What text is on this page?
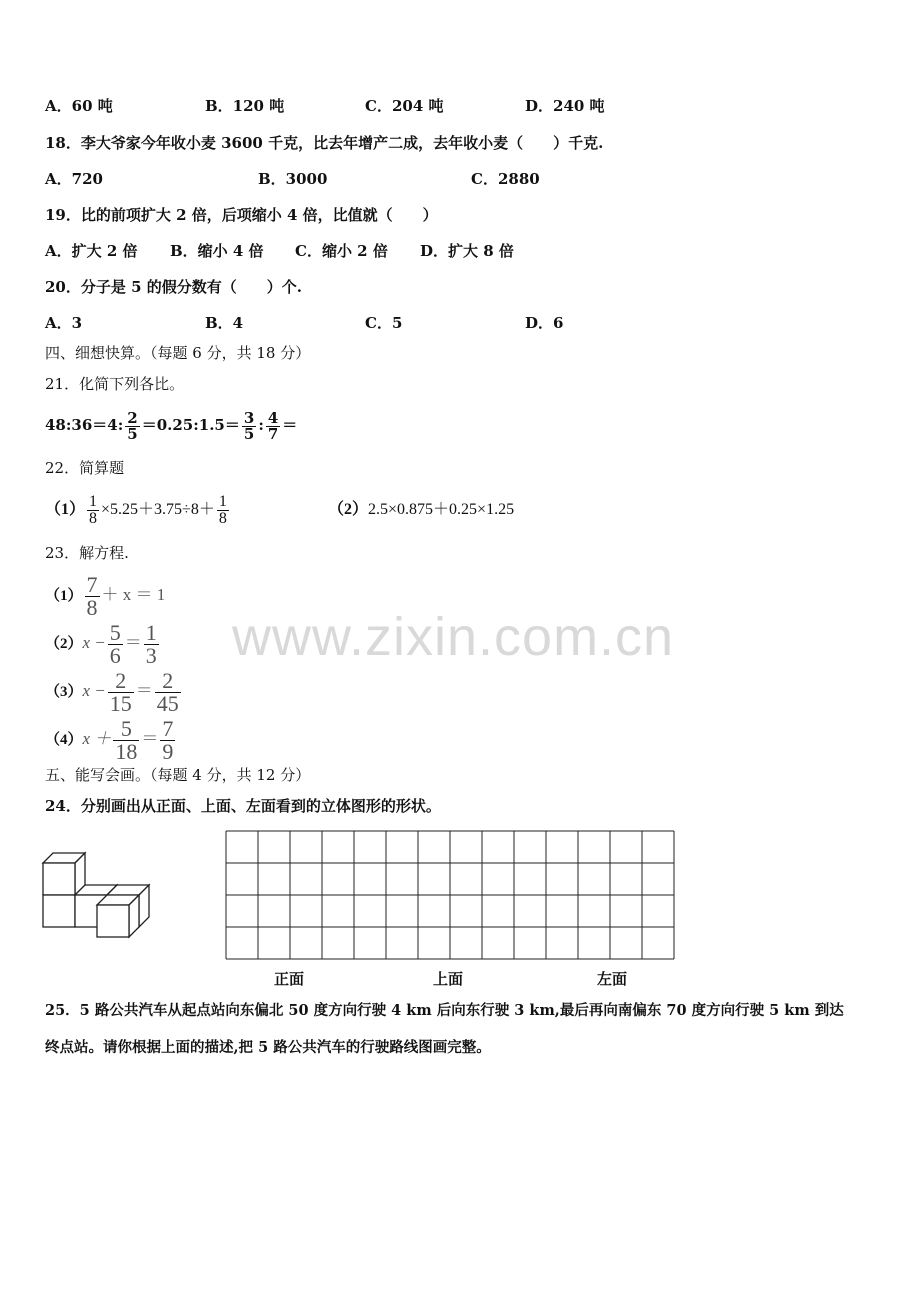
A．60 吨	B．120 吨	C．204 吨	D．240 吨
18．李大爷家今年收小麦 3600 千克，比去年增产二成，去年收小麦（　　）千克.
A．720	B．3000	C．2880
19．比的前项扩大 2 倍，后项缩小 4 倍，比值就（　　）
A．扩大 2 倍 B．缩小 4 倍 C．缩小 2 倍 D．扩大 8 倍
20．分子是 5 的假分数有（　　）个.
A．3	B．4	C．5	D．6
四、细想快算。（每题 6 分，共 18 分）
21．化简下列各比。
48:36＝4: $\frac{2}{5}$ ＝0.25:1.5＝ $\frac{3}{5}$ : $\frac{4}{7}$ ＝
22．简算题
$(1) \frac{1}{8} \times 5.25+3.75\div 8+ \frac{1}{8}$	（2）2.5×0.875＋0.25×1.25
23．解方程.
$(1) \frac{7}{8} + x = 1$
$(2)x - \frac{5}{6} = \frac{1}{3}$
$(3)x - \frac{2}{15} = \frac{2}{45}$
$(4)x + \frac{5}{18} = \frac{7}{9}$
五、能写会画。（每题 4 分，共 12 分）
24．分别画出从正面、上面、左面看到的立体图形的形状。
正面	上面	左面
25．5 路公共汽车从起点站向东偏北 50 度方向行驶 4 km 后向东行驶 3 km,最后再向南偏东 70 度方向行驶 5 km 到达
终点站。请你根据上面的描述,把 5 路公共汽车的行驶路线图画完整。
www.zixin.com.cn
